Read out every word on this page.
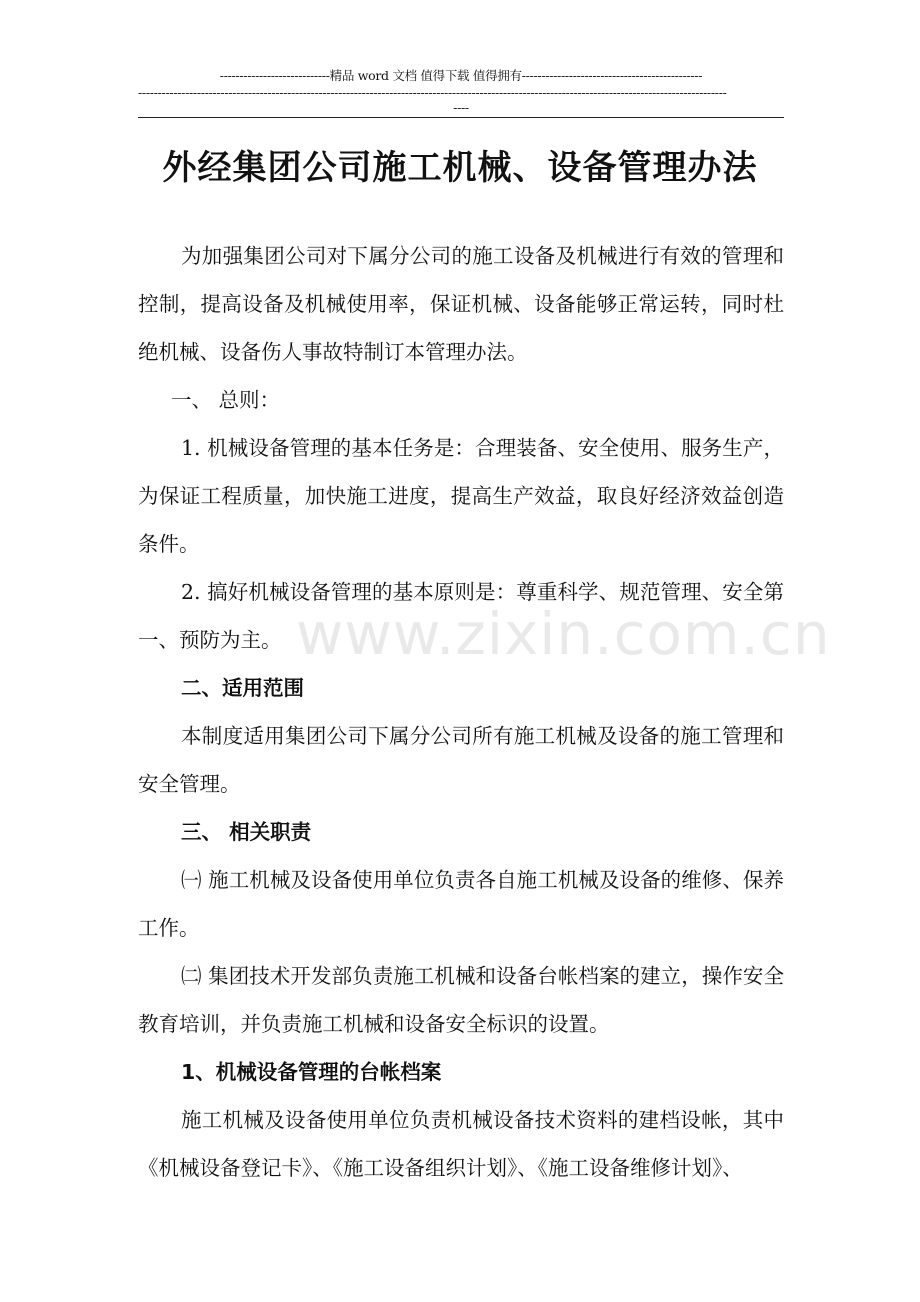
----------------------------精品 word 文档 值得下载 值得拥有----------------------------------------------
------------------------------------------------------------------------------------------------------------------------------------------------------
----
外经集团公司施工机械、设备管理办法
www.zixin.com.cn

为加强集团公司对下属分公司的施工设备及机械进行有效的管理和控制，提高设备及机械使用率，保证机械、设备能够正常运转，同时杜绝机械、设备伤人事故特制订本管理办法。

一、 总则：

1. 机械设备管理的基本任务是：合理装备、安全使用、服务生产，为保证工程质量，加快施工进度，提高生产效益，取良好经济效益创造条件。

2. 搞好机械设备管理的基本原则是：尊重科学、规范管理、安全第一、预防为主。

二、适用范围

本制度适用集团公司下属分公司所有施工机械及设备的施工管理和安全管理。

三、 相关职责

㈠ 施工机械及设备使用单位负责各自施工机械及设备的维修、保养工作。

㈡ 集团技术开发部负责施工机械和设备台帐档案的建立，操作安全教育培训，并负责施工机械和设备安全标识的设置。

1、机械设备管理的台帐档案

施工机械及设备使用单位负责机械设备技术资料的建档设帐，其中《机械设备登记卡》、《施工设备组织计划》、《施工设备维修计划》、
